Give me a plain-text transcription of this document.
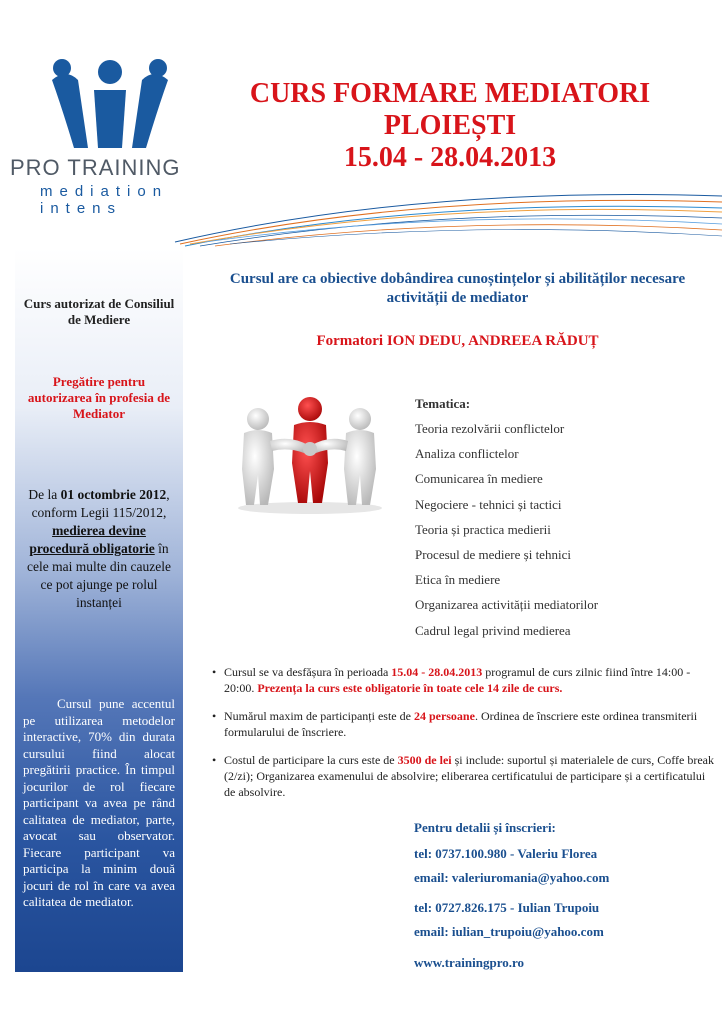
PRO TRAINING
mediation
intens
CURS FORMARE MEDIATORI
PLOIEȘTI
15.04 - 28.04.2013
Curs autorizat de Consiliul de Mediere
Pregătire pentru autorizarea în profesia de Mediator
De la 01 octombrie 2012, conform Legii 115/2012, medierea devine procedură obligatorie în cele mai multe din cauzele ce pot ajunge pe rolul instanței
Cursul pune accentul pe utilizarea metodelor interactive, 70% din durata cursului fiind alocat pregătirii practice. În timpul jocurilor de rol fiecare participant va avea pe rând calitatea de mediator, parte, avocat sau observator. Fiecare participant va participa la minim două jocuri de rol în care va avea calitatea de mediator.
Cursul are ca obiective dobândirea cunoștințelor și abilităților necesare activității de mediator
Formatori ION DEDU, ANDREEA RĂDUȚ
Tematica:
Teoria rezolvării conflictelor
Analiza conflictelor
Comunicarea în mediere
Negociere - tehnici și tactici
Teoria și practica medierii
Procesul de mediere și tehnici
Etica în mediere
Organizarea activității mediatorilor
Cadrul legal privind medierea
• Cursul se va desfășura în perioada 15.04 - 28.04.2013 programul de curs zilnic fiind între 14:00 - 20:00. Prezența la curs este obligatorie în toate cele 14 zile de curs.
• Numărul maxim de participanți este de 24 persoane. Ordinea de înscriere este ordinea transmiterii formularului de înscriere.
• Costul de participare la curs este de 3500 de lei și include: suportul și materialele de curs, Coffe break (2/zi); Organizarea examenului de absolvire; eliberarea certificatului de participare și a certificatului de absolvire.
Pentru detalii și înscrieri:
tel: 0737.100.980 - Valeriu Florea
email: valeriuromania@yahoo.com
tel: 0727.826.175 - Iulian Trupoiu
email: iulian_trupoiu@yahoo.com
www.trainingpro.ro
